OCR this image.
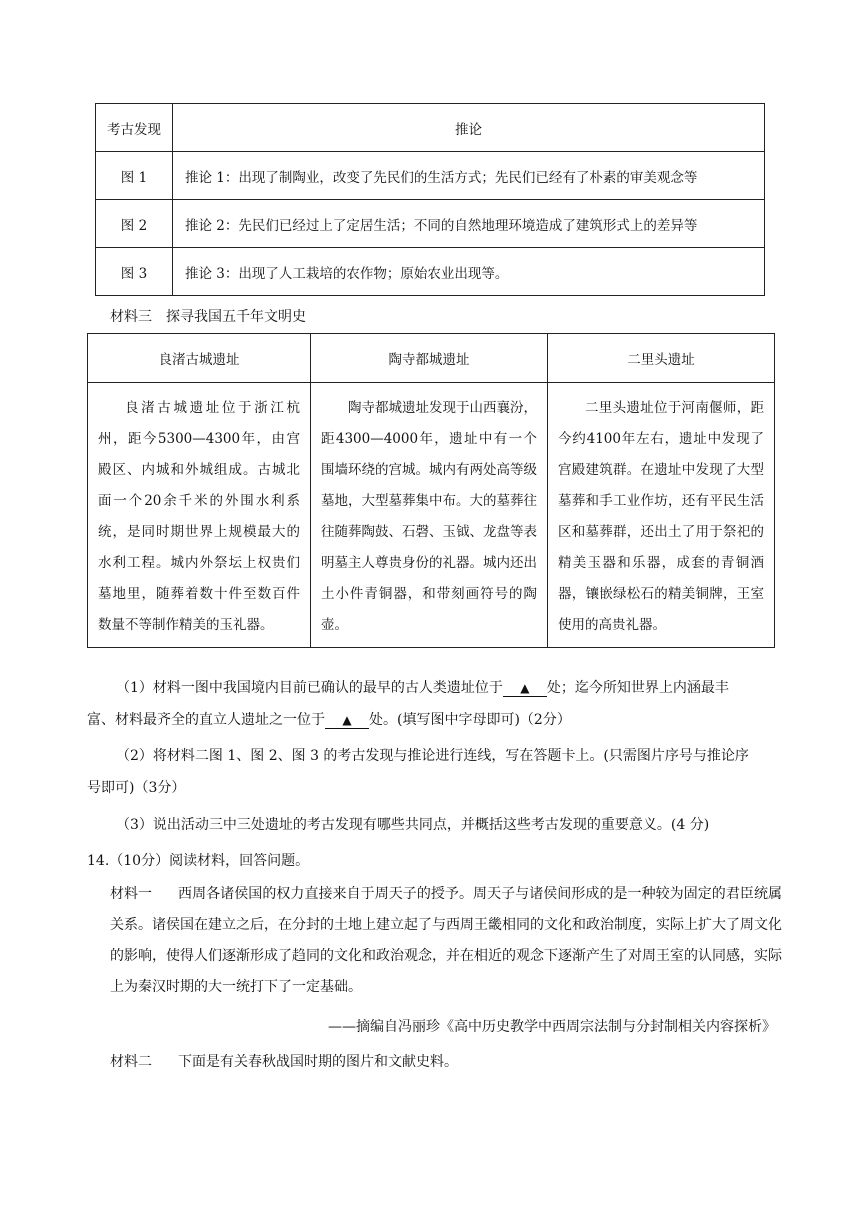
考古发现	推论
图 1	推论 1：出现了制陶业，改变了先民们的生活方式；先民们已经有了朴素的审美观念等
图 2	推论 2：先民们已经过上了定居生活；不同的自然地理环境造成了建筑形式上的差异等
图 3	推论 3：出现了人工栽培的农作物；原始农业出现等。
材料三　探寻我国五千年文明史
良渚古城遗址	陶寺都城遗址	二里头遗址

良渚古城遗址位于浙江杭州，距今5300—4300年，由宫殿区、内城和外城组成。古城北面一个20余千米的外围水利系统，是同时期世界上规模最大的水利工程。城内外祭坛上权贵们墓地里，随葬着数十件至数百件数量不等制作精美的玉礼器。	陶寺都城遗址发现于山西襄汾，距4300—4000年，遗址中有一个围墙环绕的宫城。城内有两处高等级墓地，大型墓葬集中布。大的墓葬往往随葬陶鼓、石磬、玉钺、龙盘等表明墓主人尊贵身份的礼器。城内还出土小件青铜器，和带刻画符号的陶壶。	二里头遗址位于河南偃师，距今约4100年左右，遗址中发现了宫殿建筑群。在遗址中发现了大型墓葬和手工业作坊，还有平民生活区和墓葬群，还出土了用于祭祀的精美玉器和乐器，成套的青铜酒器，镶嵌绿松石的精美铜牌，王室使用的高贵礼器。

（1）材料一图中我国境内目前已确认的最早的古人类遗址位于 ▲ 处；迄今所知世界上内涵最丰
富、材料最齐全的直立人遗址之一位于 ▲ 处。(填写图中字母即可)（2分）
（2）将材料二图 1、图 2、图 3 的考古发现与推论进行连线，写在答题卡上。(只需图片序号与推论序
号即可)（3分）
（3）说出活动三中三处遗址的考古发现有哪些共同点，并概括这些考古发现的重要意义。(4 分)
14.（10分）阅读材料，回答问题。
材料一 西周各诸侯国的权力直接来自于周天子的授予。周天子与诸侯间形成的是一种较为固定的君臣统属关系。诸侯国在建立之后，在分封的土地上建立起了与西周王畿相同的文化和政治制度，实际上扩大了周文化的影响，使得人们逐渐形成了趋同的文化和政治观念，并在相近的观念下逐渐产生了对周王室的认同感，实际上为秦汉时期的大一统打下了一定基础。
——摘编自冯丽珍《高中历史教学中西周宗法制与分封制相关内容探析》
材料二 下面是有关春秋战国时期的图片和文献史料。
